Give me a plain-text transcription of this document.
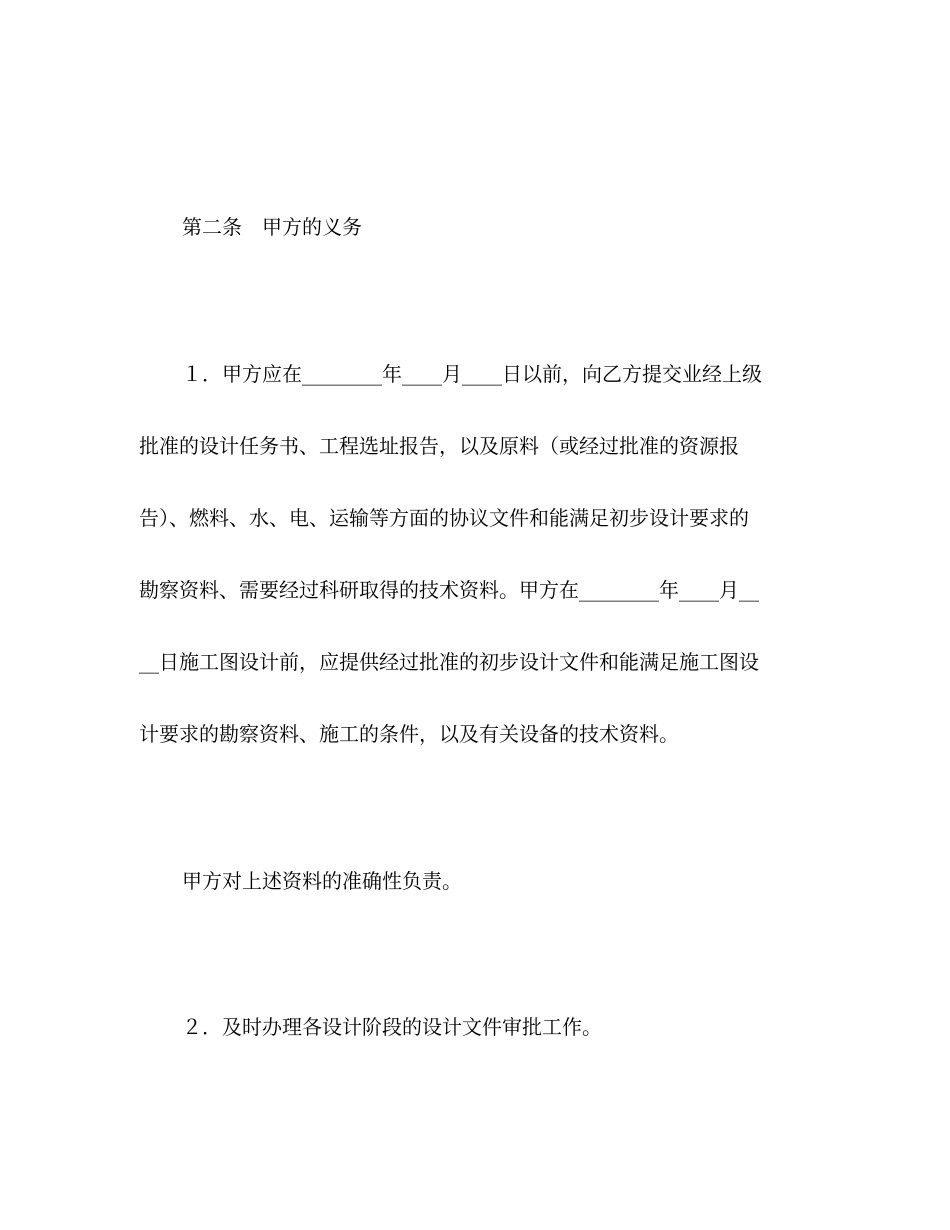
第二条　甲方的义务
１．甲方应在________年____月____日以前，向乙方提交业经上级
批准的设计任务书、工程选址报告，以及原料（或经过批准的资源报
告）、燃料、水、电、运输等方面的协议文件和能满足初步设计要求的
勘察资料、需要经过科研取得的技术资料。甲方在________年____月__
__日施工图设计前，应提供经过批准的初步设计文件和能满足施工图设
计要求的勘察资料、施工的条件，以及有关设备的技术资料。
甲方对上述资料的准确性负责。
２．及时办理各设计阶段的设计文件审批工作。
